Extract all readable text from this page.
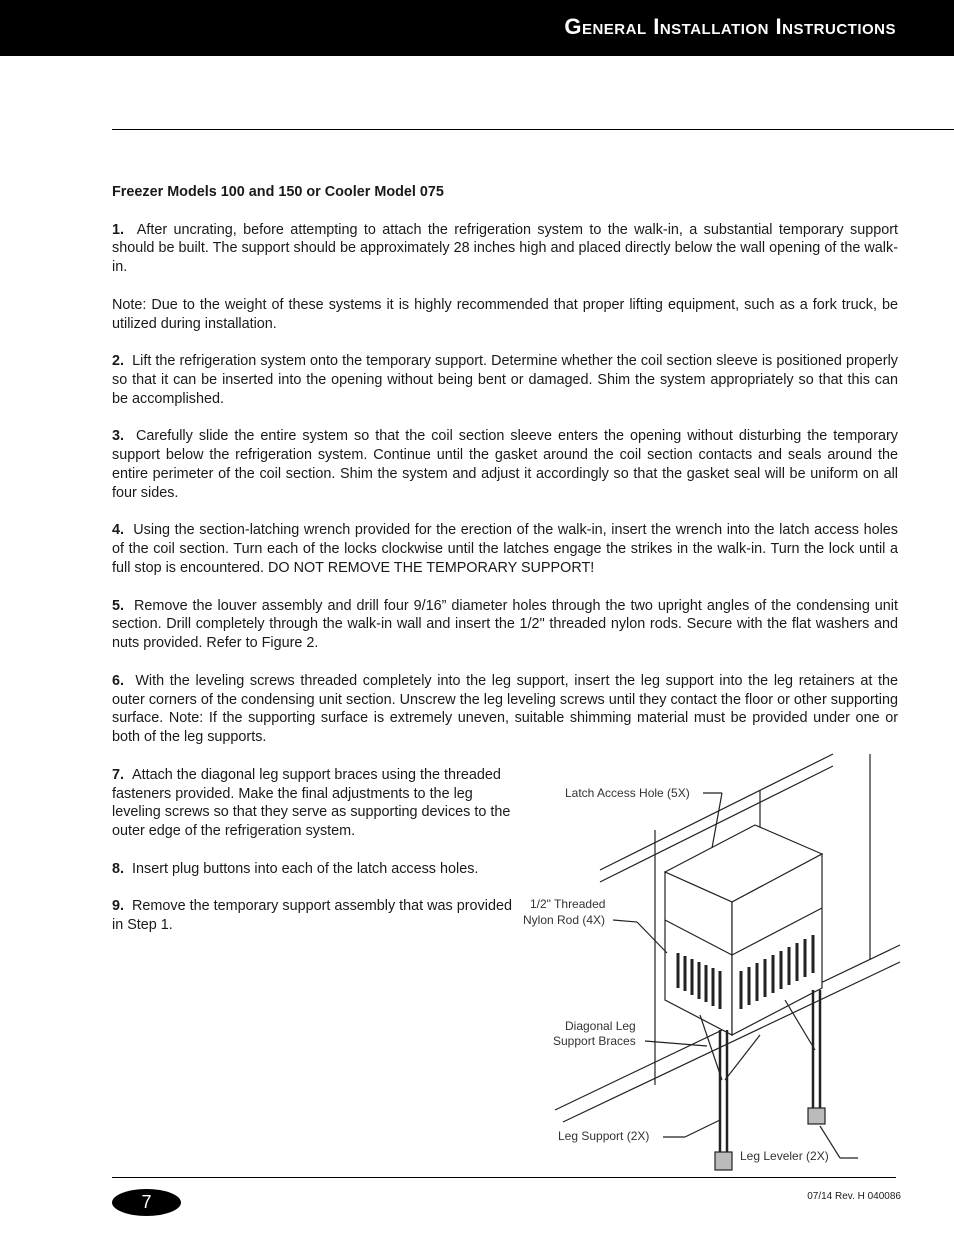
General Installation Instructions

Freezer Models 100 and 150 or Cooler Model 075

1. After uncrating, before attempting to attach the refrigeration system to the walk-in, a substantial temporary support should be built. The support should be approximately 28 inches high and placed directly below the wall opening of the walk-in.

Note: Due to the weight of these systems it is highly recommended that proper lifting equipment, such as a fork truck, be utilized during installation.

2. Lift the refrigeration system onto the temporary support. Determine whether the coil section sleeve is positioned properly so that it can be inserted into the opening without being bent or damaged. Shim the system appropriately so that this can be accomplished.

3. Carefully slide the entire system so that the coil section sleeve enters the opening without disturbing the temporary support below the refrigeration system. Continue until the gasket around the coil section contacts and seals around the entire perimeter of the coil section. Shim the system and adjust it accordingly so that the gasket seal will be uniform on all four sides.

4. Using the section-latching wrench provided for the erection of the walk-in, insert the wrench into the latch access holes of the coil section. Turn each of the locks clockwise until the latches engage the strikes in the walk-in. Turn the lock until a full stop is encountered. DO NOT REMOVE THE TEMPORARY SUPPORT!

5. Remove the louver assembly and drill four 9/16” diameter holes through the two upright angles of the condensing unit section. Drill completely through the walk-in wall and insert the 1/2" threaded nylon rods. Secure with the flat washers and nuts provided. Refer to Figure 2.

6. With the leveling screws threaded completely into the leg support, insert the leg support into the leg retainers at the outer corners of the condensing unit section. Unscrew the leg leveling screws until they contact the floor or other supporting surface. Note: If the supporting surface is extremely uneven, suitable shimming material must be provided under one or both of the leg supports.

7. Attach the diagonal leg support braces using the threaded fasteners provided. Make the final adjustments to the leg leveling screws so that they serve as supporting devices to the outer edge of the refrigeration system.

8. Insert plug buttons into each of the latch access holes.

9. Remove the temporary support assembly that was provided in Step 1.

Latch Access Hole (5X)
1/2" Threaded
Nylon Rod (4X)
Diagonal Leg
Support Braces
Leg Support (2X)
Leg Leveler (2X)
7	07/14 Rev. H 040086
